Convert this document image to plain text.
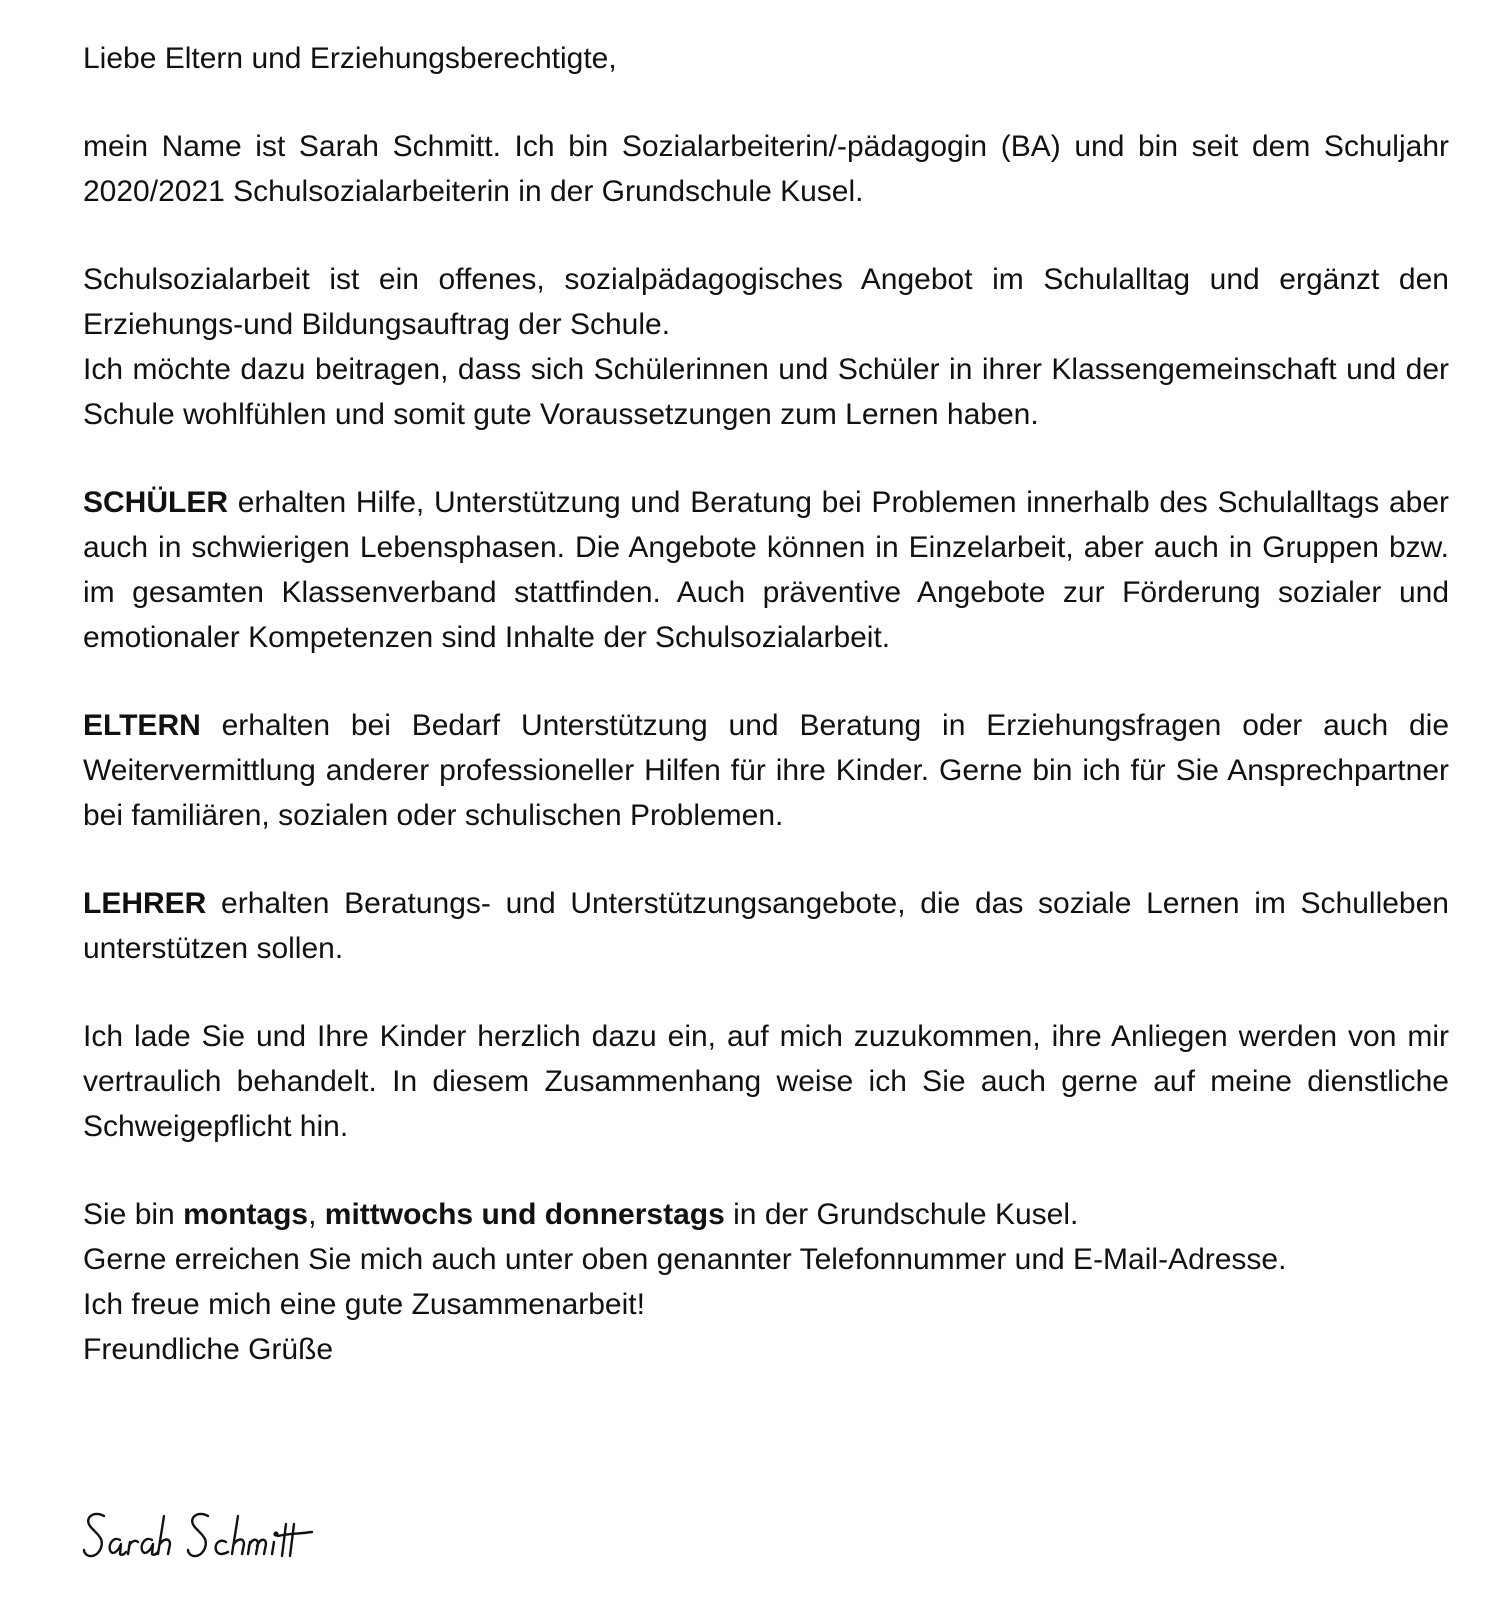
Liebe Eltern und Erziehungsberechtigte,

mein Name ist Sarah Schmitt. Ich bin Sozialarbeiterin/-pädagogin (BA) und bin seit dem Schuljahr 2020/2021 Schulsozialarbeiterin in der Grundschule Kusel.

Schulsozialarbeit ist ein offenes, sozialpädagogisches Angebot im Schulalltag und ergänzt den Erziehungs-und Bildungsauftrag der Schule.
Ich möchte dazu beitragen, dass sich Schülerinnen und Schüler in ihrer Klassengemeinschaft und der Schule wohlfühlen und somit gute Voraussetzungen zum Lernen haben.

SCHÜLER erhalten Hilfe, Unterstützung und Beratung bei Problemen innerhalb des Schulalltags aber auch in schwierigen Lebensphasen. Die Angebote können in Einzelarbeit, aber auch in Gruppen bzw. im gesamten Klassenverband stattfinden. Auch präventive Angebote zur Förderung sozialer und emotionaler Kompetenzen sind Inhalte der Schulsozialarbeit.

ELTERN erhalten bei Bedarf Unterstützung und Beratung in Erziehungsfragen oder auch die Weitervermittlung anderer professioneller Hilfen für ihre Kinder. Gerne bin ich für Sie Ansprechpartner bei familiären, sozialen oder schulischen Problemen.

LEHRER erhalten Beratungs- und Unterstützungsangebote, die das soziale Lernen im Schulleben unterstützen sollen.

Ich lade Sie und Ihre Kinder herzlich dazu ein, auf mich zuzukommen, ihre Anliegen werden von mir vertraulich behandelt. In diesem Zusammenhang weise ich Sie auch gerne auf meine dienstliche Schweigepflicht hin.

Sie bin montags, mittwochs und donnerstags in der Grundschule Kusel.
Gerne erreichen Sie mich auch unter oben genannter Telefonnummer und E-Mail-Adresse.

Ich freue mich eine gute Zusammenarbeit!

Freundliche Grüße
